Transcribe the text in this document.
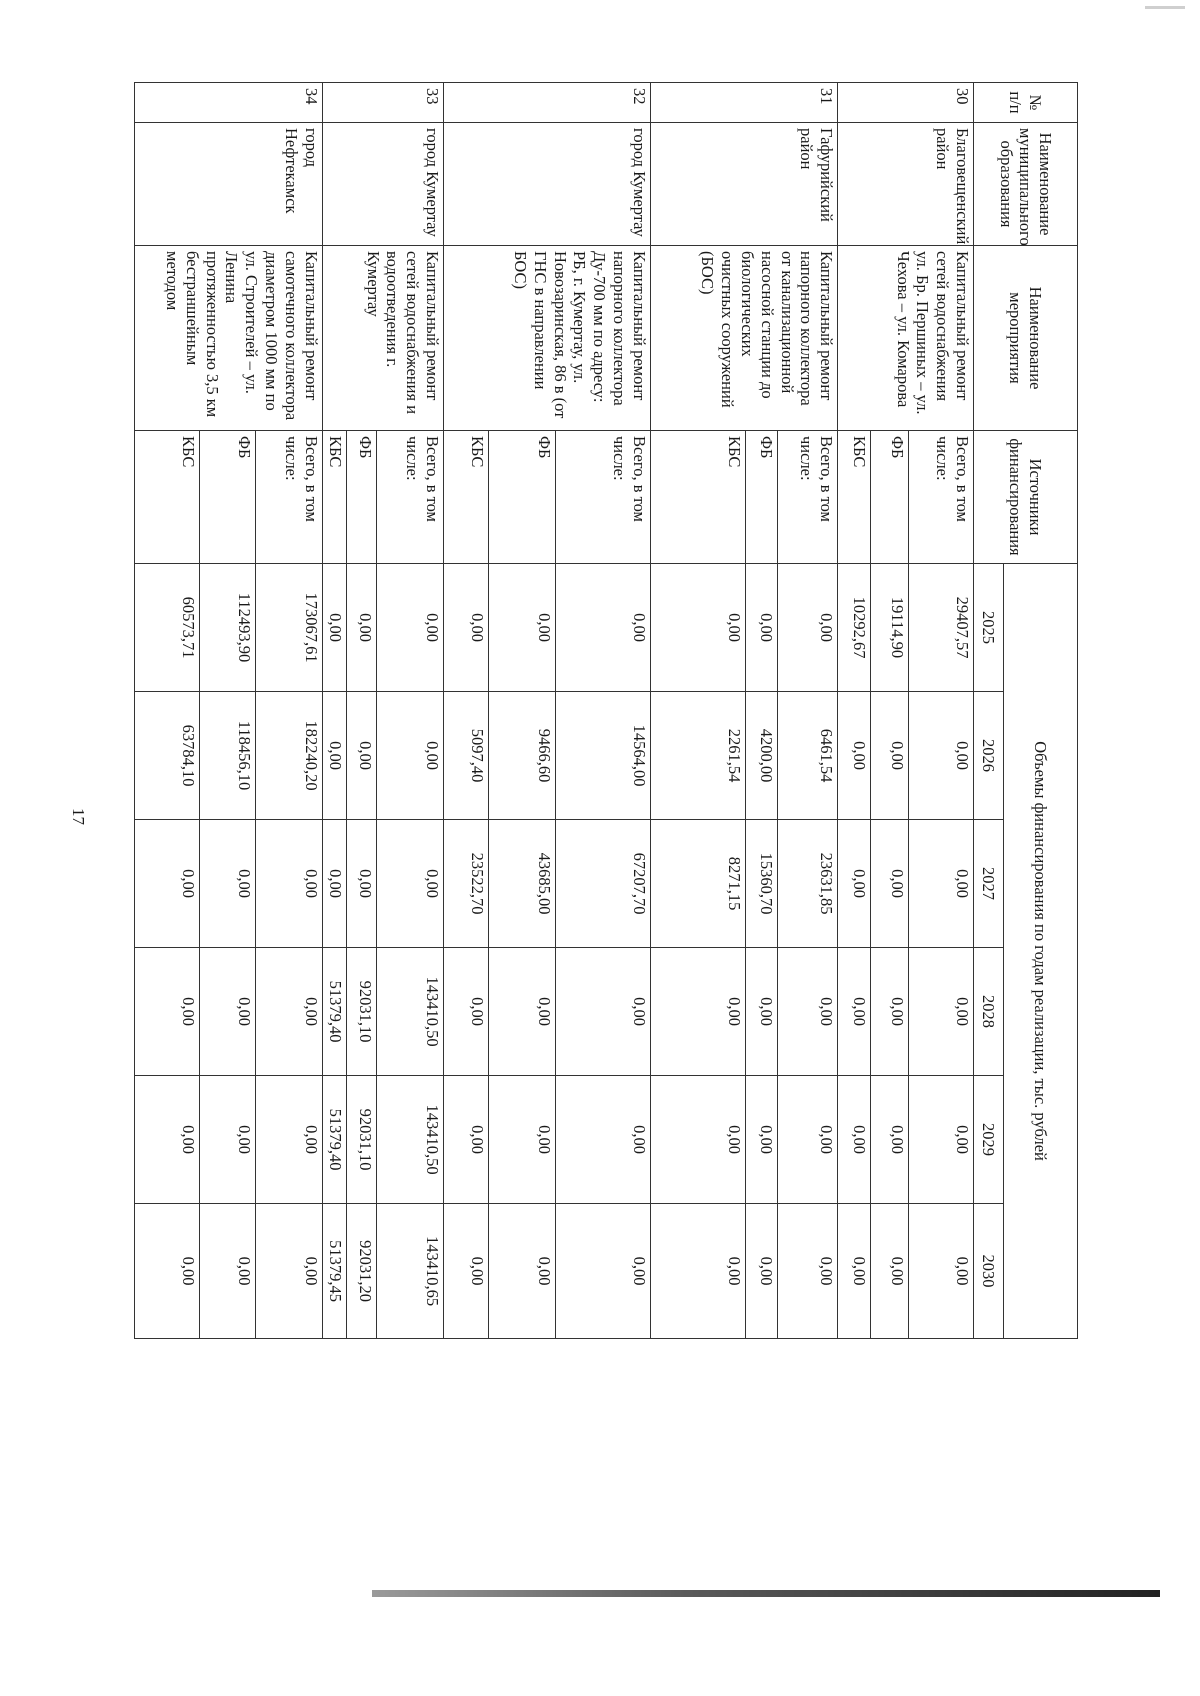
17
№ п/п	Наименование муниципального образования	Наименование мероприятия	Источники финансирования	Объемы финансирования по годам реализации, тыс. рублей					
				2025	2026	2027	2028	2029	2030
30	Благовещенский район	Капитальный ремонт сетей водоснабжения ул. Бр. Першиных – ул. Чехова – ул. Комарова	Всего, в том числе:	29407,57	0,00	0,00	0,00	0,00	0,00
			ФБ	19114,90	0,00	0,00	0,00	0,00	0,00
			КБС	10292,67	0,00	0,00	0,00	0,00	0,00
31	Гафурийский район	Капитальный ремонт напорного коллектора от канализационной насосной станции до биологических очистных сооружений (БОС)	Всего, в том числе:	0,00	6461,54	23631,85	0,00	0,00	0,00
			ФБ	0,00	4200,00	15360,70	0,00	0,00	0,00
			КБС	0,00	2261,54	8271,15	0,00	0,00	0,00
32	город Кумертау	Капитальный ремонт напорного коллектора Ду-700 мм по адресу: РБ, г. Кумертау, ул. Новозаринская, 86 в (от ГНС в направлении БОС)	Всего, в том числе:	0,00	14564,00	67207,70	0,00	0,00	0,00
			ФБ	0,00	9466,60	43685,00	0,00	0,00	0,00
			КБС	0,00	5097,40	23522,70	0,00	0,00	0,00
33	город Кумертау	Капитальный ремонт сетей водоснабжения и водоотведения г. Кумертау	Всего, в том числе:	0,00	0,00	0,00	143410,50	143410,50	143410,65
			ФБ	0,00	0,00	0,00	92031,10	92031,10	92031,20
			КБС	0,00	0,00	0,00	51379,40	51379,40	51379,45
34	город Нефтекамск	Капитальный ремонт самотечного коллектора диаметром 1000 мм по ул. Строителей – ул. Ленина протяженностью 3,5 км бестраншейным методом	Всего, в том числе:	173067,61	182240,20	0,00	0,00	0,00	0,00
			ФБ	112493,90	118456,10	0,00	0,00	0,00	0,00
			КБС	60573,71	63784,10	0,00	0,00	0,00	0,00
